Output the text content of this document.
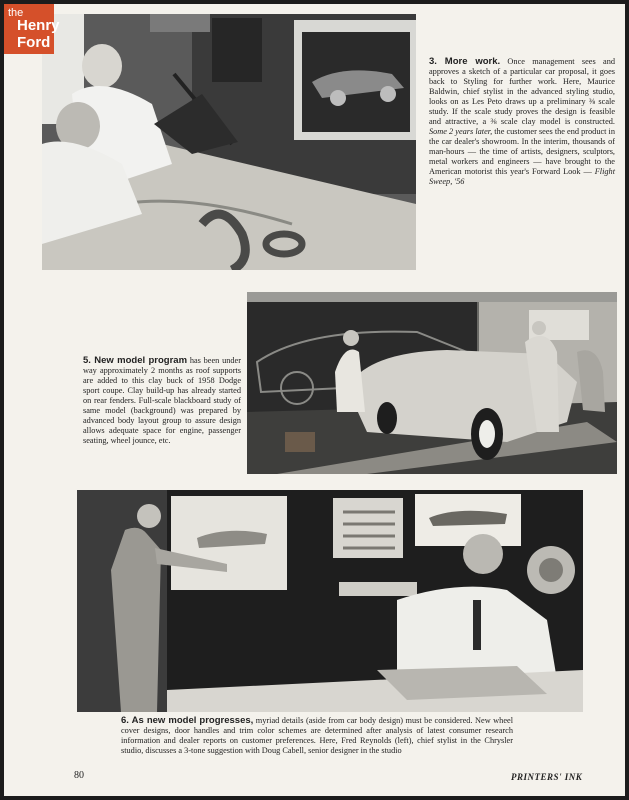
the
Henry
Ford
3. More work. Once management sees and approves a sketch of a particular car proposal, it goes back to Styling for further work. Here, Maurice Baldwin, chief stylist in the advanced styling studio, looks on as Les Peto draws up a preliminary ⅜ scale study. If the scale study proves the design is feasible and attractive, a ⅜ scale clay model is constructed. Some 2 years later, the customer sees the end product in the car dealer's showroom. In the interim, thousands of man-hours — the time of artists, designers, sculptors, metal workers and engineers — have brought to the American motorist this year's Forward Look — Flight Sweep, '56
5. New model program has been under way approximately 2 months as roof supports are added to this clay buck of 1958 Dodge sport coupe. Clay build-up has already started on rear fenders. Full-scale blackboard study of same model (background) was prepared by advanced body layout group to assure design allows adequate space for engine, passenger seating, wheel jounce, etc.
6. As new model progresses, myriad details (aside from car body design) must be considered. New wheel cover designs, door handles and trim color schemes are determined after analysis of latest consumer research information and dealer reports on customer preferences. Here, Fred Reynolds (left), chief stylist in the Chrysler studio, discusses a 3-tone suggestion with Doug Cabell, senior designer in the studio
80	PRINTERS' INK
